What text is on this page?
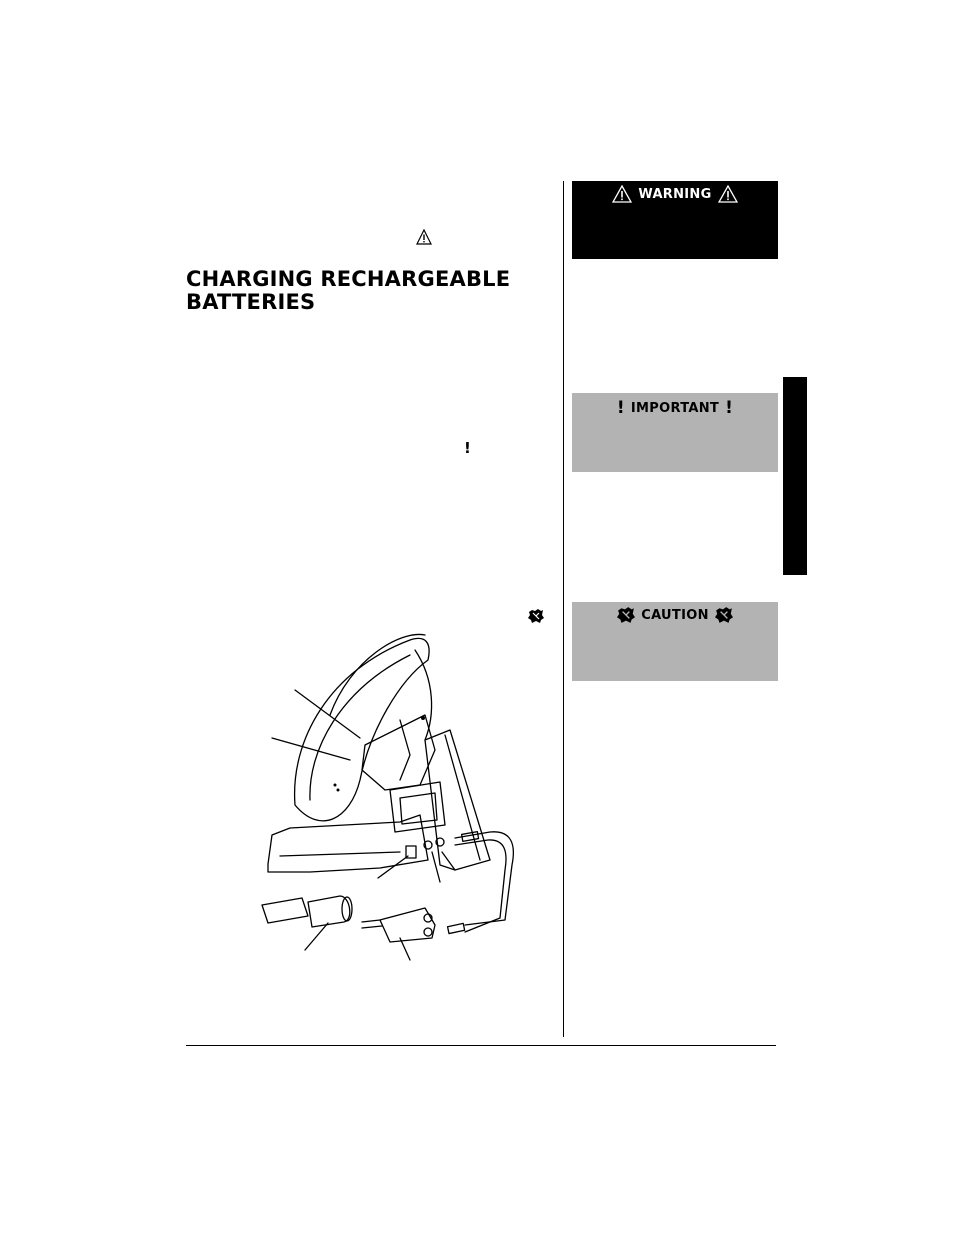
CHARGING RECHARGEABLE BATTERIES
!
WARNING
! IMPORTANT !
CAUTION
